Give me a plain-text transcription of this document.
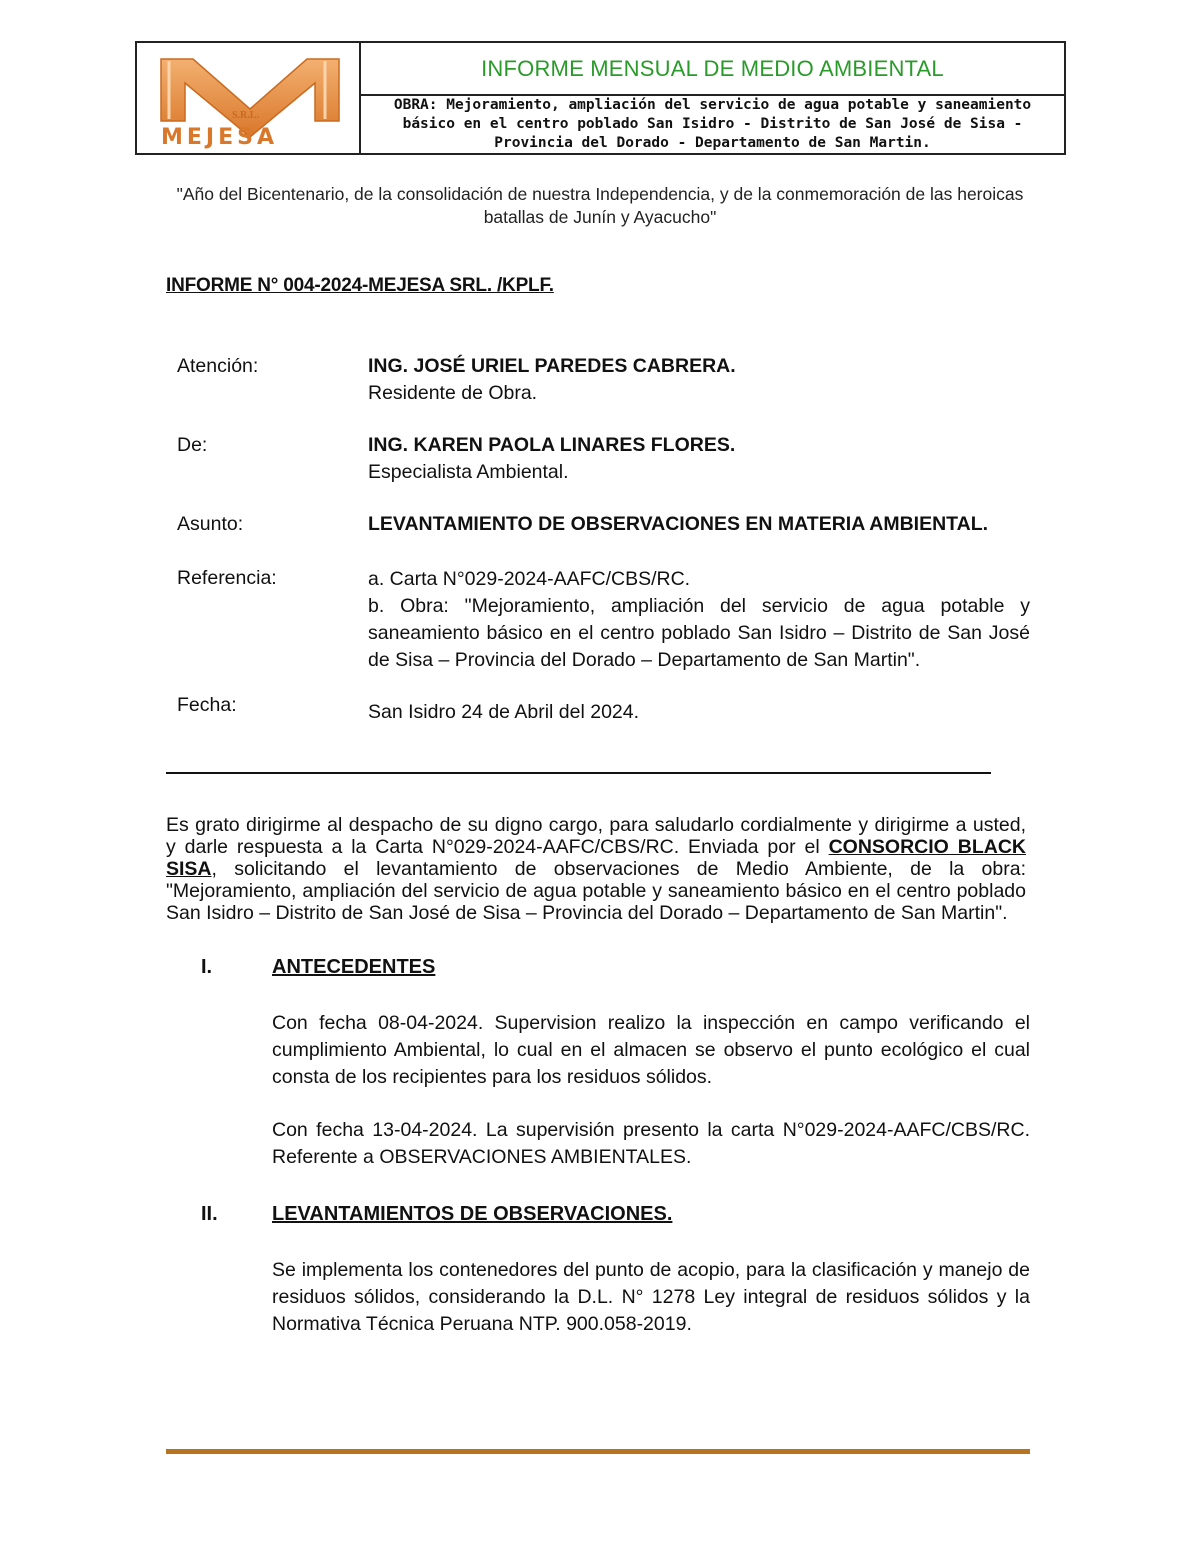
S.R.L.
MEJESA
INFORME MENSUAL DE MEDIO AMBIENTAL
OBRA: Mejoramiento, ampliación del servicio de agua potable y saneamiento básico en el centro poblado San Isidro - Distrito de San José de Sisa - Provincia del Dorado - Departamento de San Martin.
"Año del Bicentenario, de la consolidación de nuestra Independencia, y de la conmemoración de las heroicas batallas de Junín y Ayacucho"
INFORME N° 004-2024-MEJESA SRL. /KPLF.
Atención:	ING. JOSÉ URIEL PAREDES CABRERA.
Residente de Obra.
De:	ING. KAREN PAOLA LINARES FLORES.
Especialista Ambiental.
Asunto:	LEVANTAMIENTO DE OBSERVACIONES EN MATERIA AMBIENTAL.
Referencia:	a. Carta N°029-2024-AAFC/CBS/RC.
b. Obra: "Mejoramiento, ampliación del servicio de agua potable y saneamiento básico en el centro poblado San Isidro – Distrito de San José de Sisa – Provincia del Dorado – Departamento de San Martin".
Fecha:	San Isidro 24 de Abril del 2024.
Es grato dirigirme al despacho de su digno cargo, para saludarlo cordialmente y dirigirme a usted, y darle respuesta a la Carta N°029-2024-AAFC/CBS/RC. Enviada por el CONSORCIO BLACK SISA, solicitando el levantamiento de observaciones de Medio Ambiente, de la obra: "Mejoramiento, ampliación del servicio de agua potable y saneamiento básico en el centro poblado San Isidro – Distrito de San José de Sisa – Provincia del Dorado – Departamento de San Martin".
I.	ANTECEDENTES
Con fecha 08-04-2024. Supervision realizo la inspección en campo verificando el cumplimiento Ambiental, lo cual en el almacen se observo el punto ecológico el cual consta de los recipientes para los residuos sólidos.
Con fecha 13-04-2024. La supervisión presento la carta N°029-2024-AAFC/CBS/RC. Referente a OBSERVACIONES AMBIENTALES.
II.	LEVANTAMIENTOS DE OBSERVACIONES.
Se implementa los contenedores del punto de acopio, para la clasificación y manejo de residuos sólidos, considerando la D.L. N° 1278 Ley integral de residuos sólidos y la Normativa Técnica Peruana NTP. 900.058-2019.
